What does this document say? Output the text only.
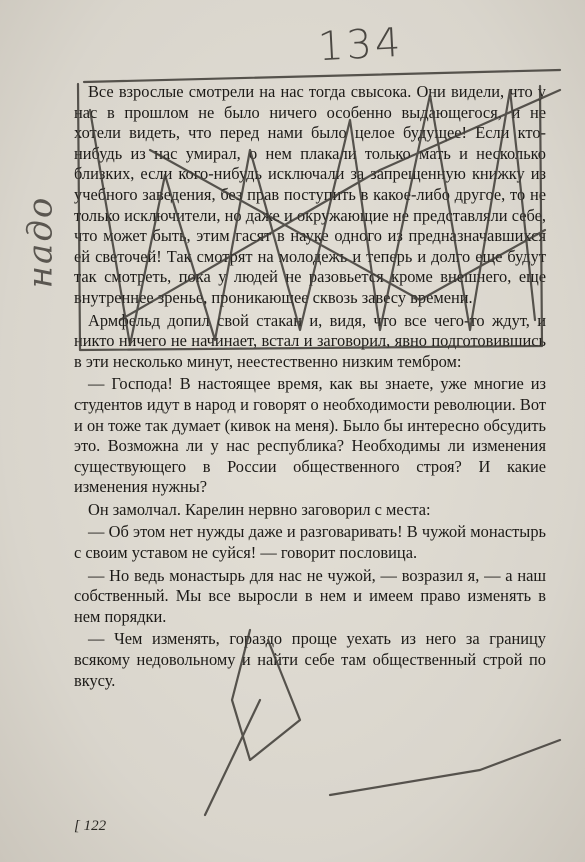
134
надо

Все взрослые смотрели на нас тогда свысока. Они видели, что у нас в прошлом не было ничего особенно выдающегося, и не хотели видеть, что перед нами было целое будущее! Если кто-нибудь из нас умирал, о нем плакали только мать и несколько близких, если кого-нибудь исключали за запрещенную книжку из учебного заведения, без прав поступить в какое-либо другое, то не только исключители, но даже и окружающие не представляли себе, что может быть, этим гасят в науке одного из предназначавшихся ей светочей! Так смотрят на молодежь и теперь и долго еще будут так смотреть, пока у людей не разовьется кроме внешнего, еще внутреннее зренье, проникающее сквозь завесу времени.

Армфельд допил свой стакан и, видя, что все чего-то ждут, и никто ничего не начинает, встал и заговорил, явно подготовившись в эти несколько минут, неестественно низким тембром:

— Господа! В настоящее время, как вы знаете, уже многие из студентов идут в народ и говорят о необходимости революции. Вот и он тоже так думает (кивок на меня). Было бы интересно обсудить это. Возможна ли у нас республика? Необходимы ли изменения существующего в России общественного строя? И какие изменения нужны?

Он замолчал. Карелин нервно заговорил с места:

— Об этом нет нужды даже и разговаривать! В чужой монастырь с своим уставом не суйся! — говорит пословица.

— Но ведь монастырь для нас не чужой, — возразил я, — а наш собственный. Мы все выросли в нем и имеем право изменять в нем порядки.

— Чем изменять, гораздо проще уехать из него за границу всякому недовольному и найти себе там общественный строй по вкусу.

[ 122
